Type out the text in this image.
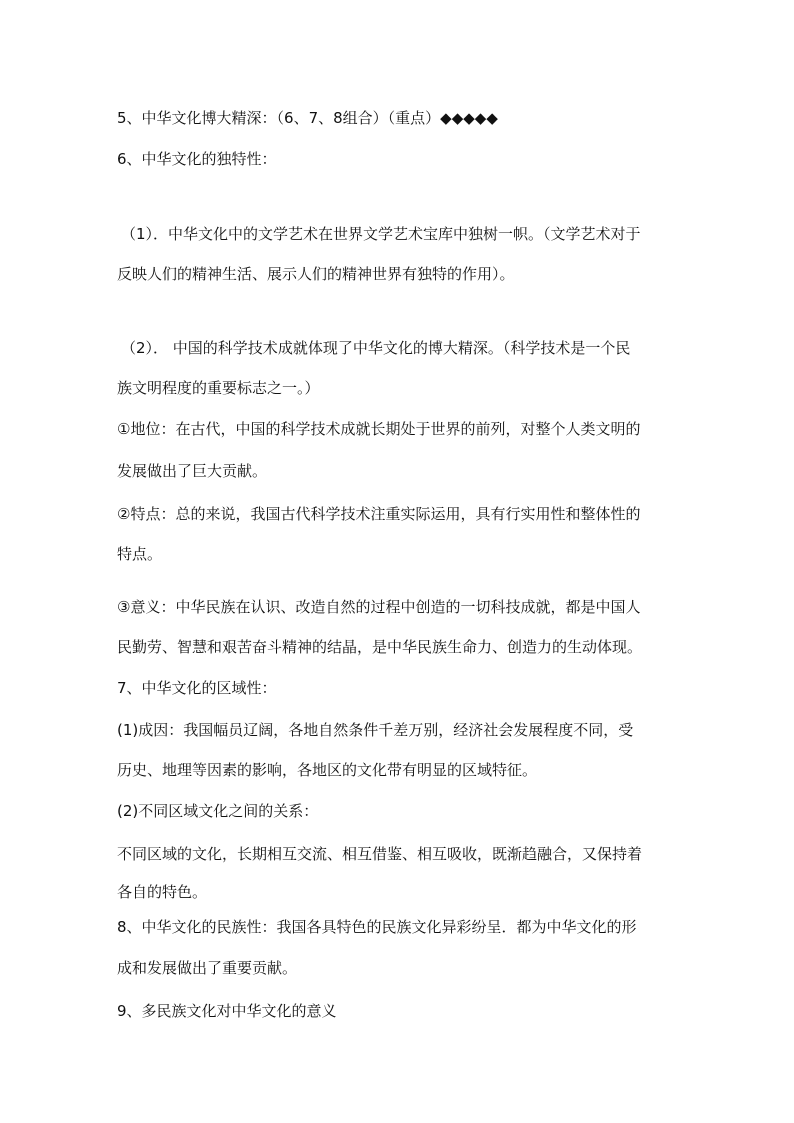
5、中华文化博大精深：（6、7、8组合）（重点）◆◆◆◆◆
6、中华文化的独特性：
（1）．中华文化中的文学艺术在世界文学艺术宝库中独树一帜。（文学艺术对于
反映人们的精神生活、展示人们的精神世界有独特的作用）。
（2）． 中国的科学技术成就体现了中华文化的博大精深。（科学技术是一个民
族文明程度的重要标志之一。）
①地位：在古代，中国的科学技术成就长期处于世界的前列，对整个人类文明的
发展做出了巨大贡献。
②特点：总的来说，我国古代科学技术注重实际运用，具有行实用性和整体性的
特点。
③意义：中华民族在认识、改造自然的过程中创造的一切科技成就，都是中国人
民勤劳、智慧和艰苦奋斗精神的结晶，是中华民族生命力、创造力的生动体现。
7、中华文化的区域性：
(1)成因：我国幅员辽阔，各地自然条件千差万别，经济社会发展程度不同，受
历史、地理等因素的影响，各地区的文化带有明显的区域特征。
(2)不同区域文化之间的关系：
不同区域的文化，长期相互交流、相互借鉴、相互吸收，既渐趋融合，又保持着
各自的特色。
8、中华文化的民族性：我国各具特色的民族文化异彩纷呈．都为中华文化的形
成和发展做出了重要贡献。
9、多民族文化对中华文化的意义
